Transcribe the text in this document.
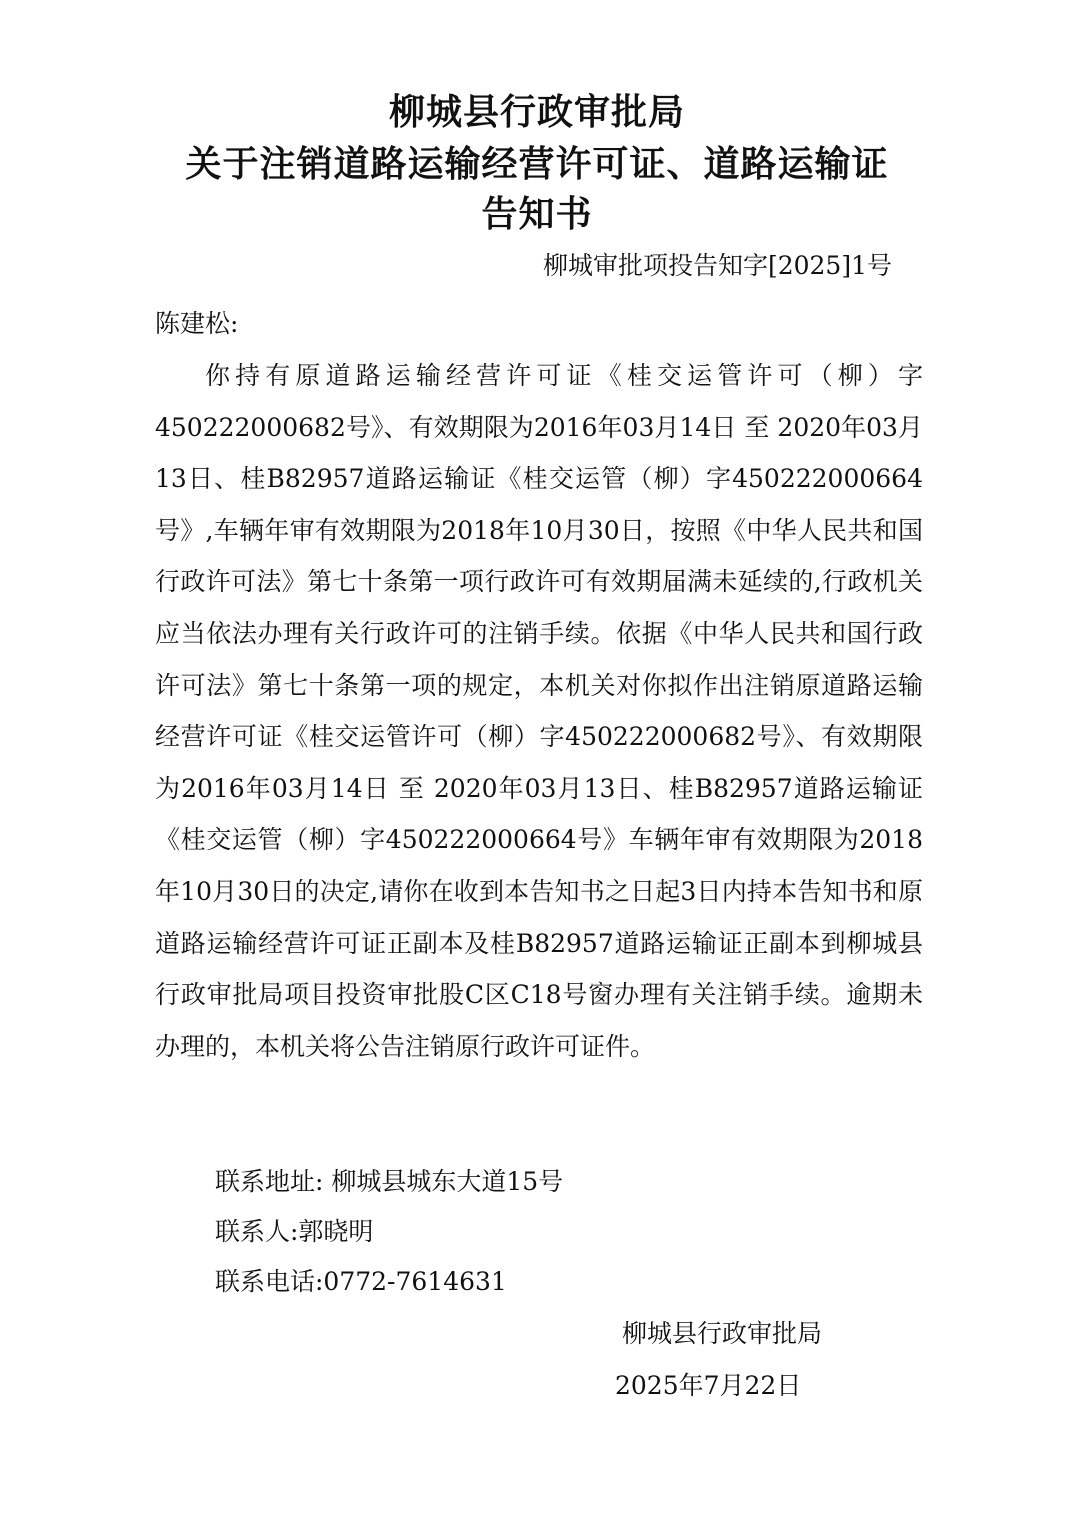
柳城县行政审批局
关于注销道路运输经营许可证、道路运输证
告知书
柳城审批项投告知字[2025]1号
陈建松:

你持有原道路运输经营许可证《桂交运管许可（柳）字450222000682号》、有效期限为2016年03月14日 至 2020年03月13日、桂B82957道路运输证《桂交运管（柳）字450222000664号》,车辆年审有效期限为2018年10月30日，按照《中华人民共和国行政许可法》第七十条第一项行政许可有效期届满未延续的,行政机关应当依法办理有关行政许可的注销手续。依据《中华人民共和国行政许可法》第七十条第一项的规定，本机关对你拟作出注销原道路运输经营许可证《桂交运管许可（柳）字450222000682号》、有效期限为2016年03月14日 至 2020年03月13日、桂B82957道路运输证《桂交运管（柳）字450222000664号》车辆年审有效期限为2018年10月30日的决定,请你在收到本告知书之日起3日内持本告知书和原道路运输经营许可证正副本及桂B82957道路运输证正副本到柳城县行政审批局项目投资审批股C区C18号窗办理有关注销手续。逾期未办理的，本机关将公告注销原行政许可证件。

联系地址: 柳城县城东大道15号
联系人:郭晓明
联系电话:0772-7614631
柳城县行政审批局
2025年7月22日
